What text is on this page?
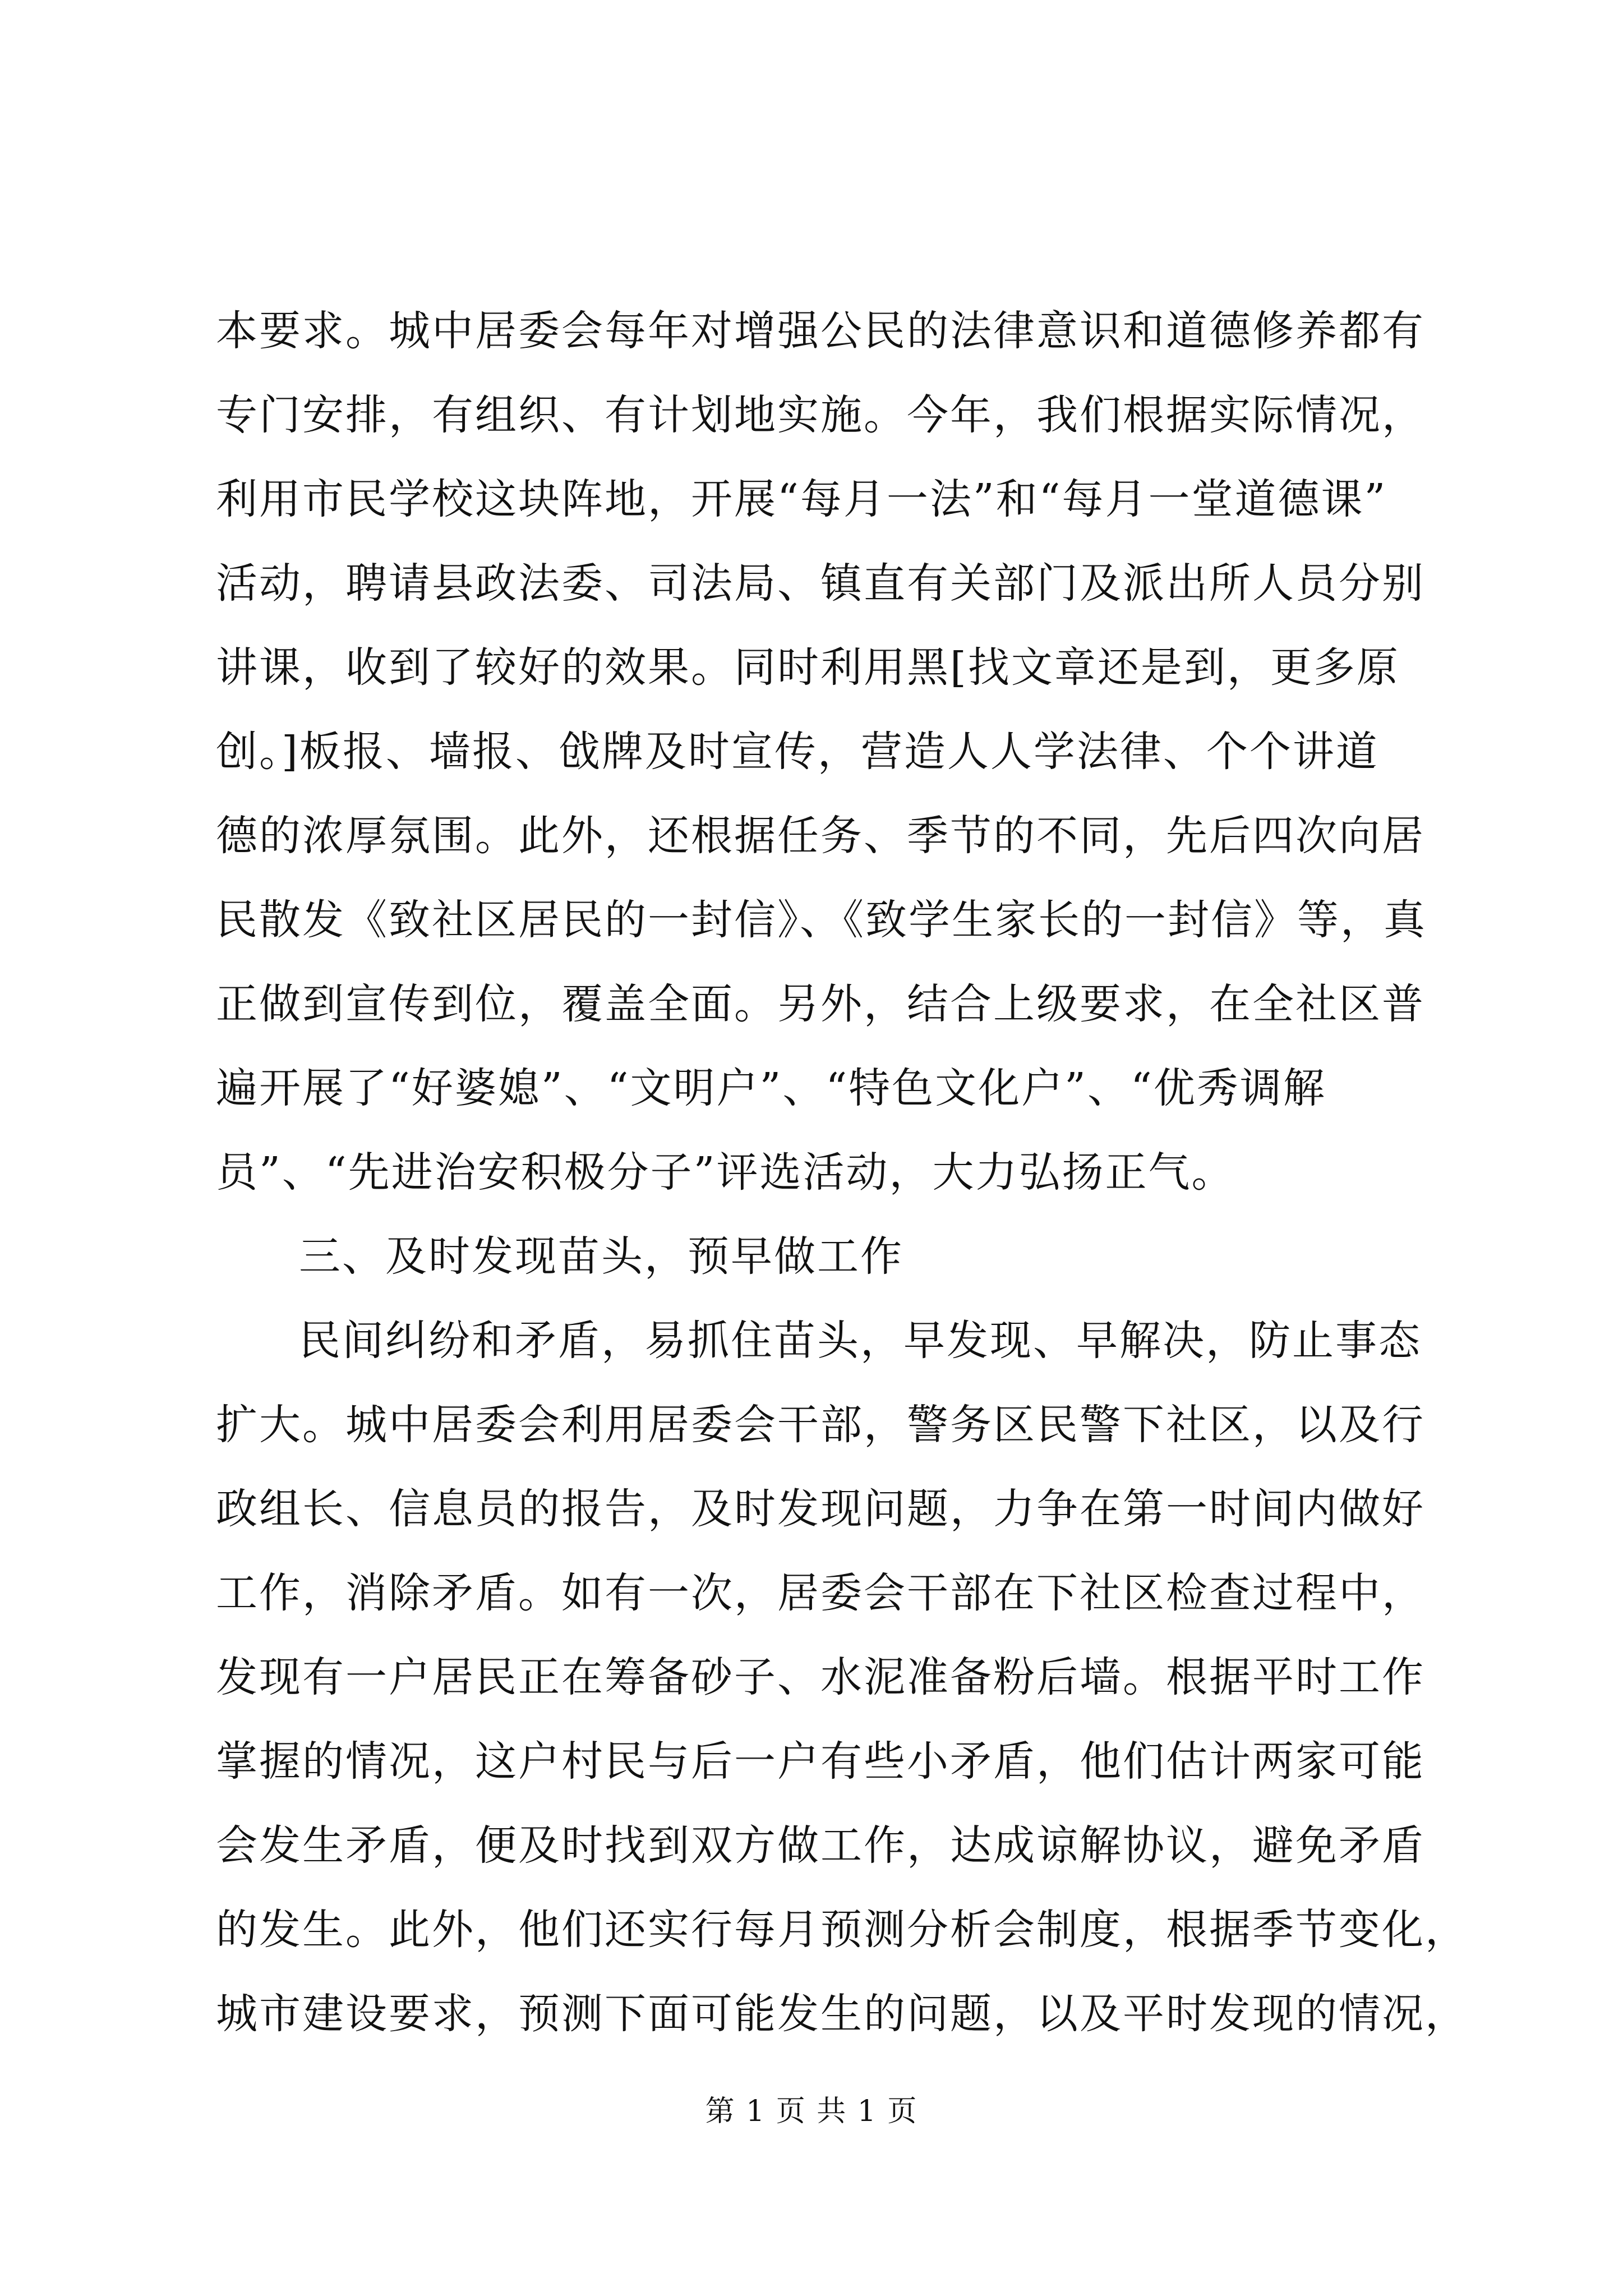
本要求。城中居委会每年对增强公民的法律意识和道德修养都有
专门安排，有组织、有计划地实施。今年，我们根据实际情况，
利用市民学校这块阵地，开展“每月一法”和“每月一堂道德课”
活动，聘请县政法委、司法局、镇直有关部门及派出所人员分别
讲课，收到了较好的效果。同时利用黑[找文章还是到，更多原
创。]板报、墙报、戗牌及时宣传，营造人人学法律、个个讲道
德的浓厚氛围。此外，还根据任务、季节的不同，先后四次向居
民散发《致社区居民的一封信》、《致学生家长的一封信》等，真
正做到宣传到位，覆盖全面。另外，结合上级要求，在全社区普
遍开展了“好婆媳”、“文明户”、“特色文化户”、“优秀调解
员”、“先进治安积极分子”评选活动，大力弘扬正气。
三、及时发现苗头，预早做工作
民间纠纷和矛盾，易抓住苗头，早发现、早解决，防止事态
扩大。城中居委会利用居委会干部，警务区民警下社区，以及行
政组长、信息员的报告，及时发现问题，力争在第一时间内做好
工作，消除矛盾。如有一次，居委会干部在下社区检查过程中，
发现有一户居民正在筹备砂子、水泥准备粉后墙。根据平时工作
掌握的情况，这户村民与后一户有些小矛盾，他们估计两家可能
会发生矛盾，便及时找到双方做工作，达成谅解协议，避免矛盾
的发生。此外，他们还实行每月预测分析会制度，根据季节变化，
城市建设要求，预测下面可能发生的问题，以及平时发现的情况，
第 1 页 共 1 页
